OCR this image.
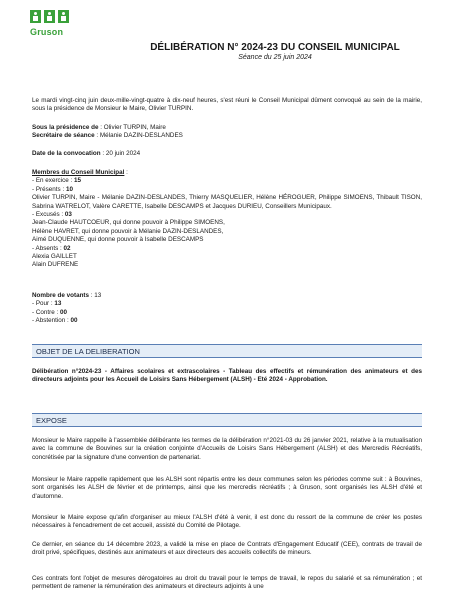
Gruson
DÉLIBÉRATION N° 2024-23 DU CONSEIL MUNICIPAL
Séance du 25 juin 2024
Le mardi vingt-cinq juin deux-mille-vingt-quatre à dix-neuf heures, s'est réuni le Conseil Municipal dûment convoqué au sein de la mairie, sous la présidence de Monsieur le Maire, Olivier TURPIN.
Sous la présidence de : Olivier TURPIN, Maire
Secrétaire de séance : Mélanie DAZIN-DESLANDES
Date de la convocation : 20 juin 2024
Membres du Conseil Municipal :
- En exercice : 15
- Présents : 10
Olivier TURPIN, Maire - Mélanie DAZIN-DESLANDES, Thierry MASQUELIER, Hélène HÉROGUER, Philippe SIMOENS, Thibault TISON, Sabrina WATRELOT, Valère CARETTE, Isabelle DESCAMPS et Jacques DURIEU, Conseillers Municipaux.
- Excusés : 03
Jean-Claude HAUTCOEUR, qui donne pouvoir à Philippe SIMOENS,
Hélène HAVRET, qui donne pouvoir à Mélanie DAZIN-DESLANDES,
Aimé DUQUENNE, qui donne pouvoir à Isabelle DESCAMPS
- Absents : 02
Alexia GAILLET
Alain DUFRENE
Nombre de votants : 13
- Pour : 13
- Contre : 00
- Abstention : 00
OBJET DE LA DELIBERATION
Délibération n°2024-23 - Affaires scolaires et extrascolaires - Tableau des effectifs et rémunération des animateurs et des directeurs adjoints pour les Accueil de Loisirs Sans Hébergement (ALSH) - Eté 2024 - Approbation.
EXPOSE
Monsieur le Maire rappelle à l'assemblée délibérante les termes de la délibération n°2021-03 du 26 janvier 2021, relative à la mutualisation avec la commune de Bouvines sur la création conjointe d'Accueils de Loisirs Sans Hébergement (ALSH) et des Mercredis Récréatifs, concrétisée par la signature d'une convention de partenariat.
Monsieur le Maire rappelle rapidement que les ALSH sont répartis entre les deux communes selon les périodes comme suit : à Bouvines, sont organisés les ALSH de février et de printemps, ainsi que les mercredis récréatifs ; à Gruson, sont organisés les ALSH d'été et d'automne.
Monsieur le Maire expose qu'afin d'organiser au mieux l'ALSH d'été à venir, il est donc du ressort de la commune de créer les postes nécessaires à l'encadrement de cet accueil, assisté du Comité de Pilotage.
Ce dernier, en séance du 14 décembre 2023, a validé la mise en place de Contrats d'Engagement Educatif (CEE), contrats de travail de droit privé, spécifiques, destinés aux animateurs et aux directeurs des accueils collectifs de mineurs.
Ces contrats font l'objet de mesures dérogatoires au droit du travail pour le temps de travail, le repos du salarié et sa rémunération ; et permettent de ramener la rémunération des animateurs et directeurs adjoints à une
